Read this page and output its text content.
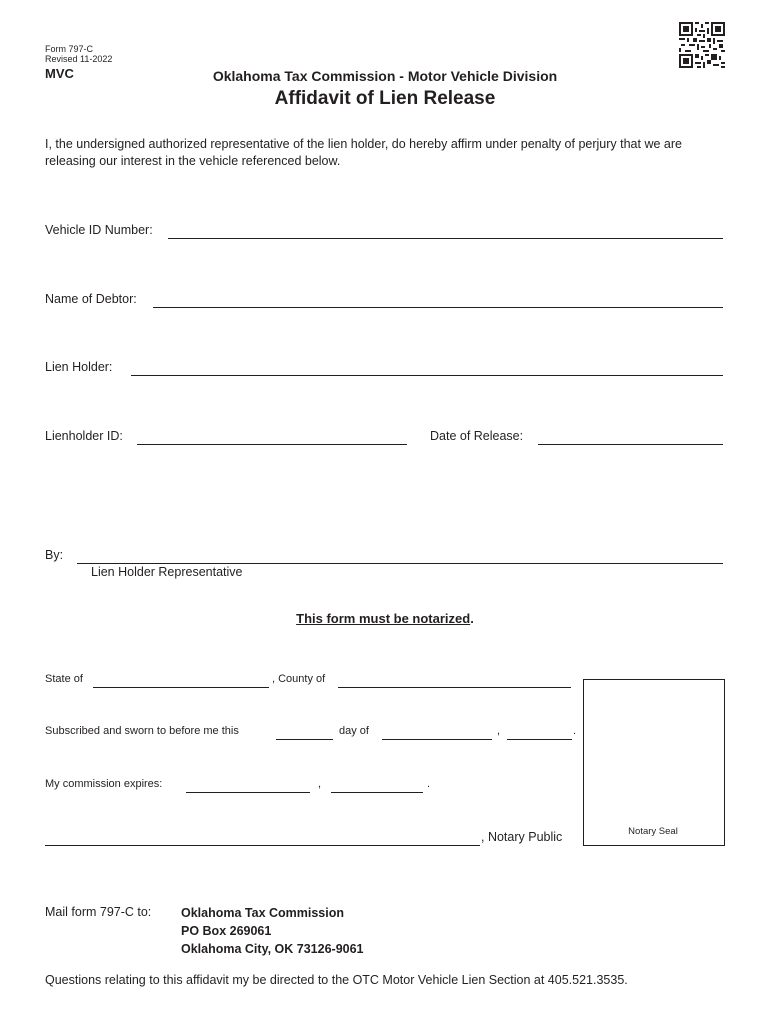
Form 797-C
Revised 11-2022
MVC	Oklahoma Tax Commission - Motor Vehicle Division
Affidavit of Lien Release
I, the undersigned authorized representative of the lien holder, do hereby affirm under penalty of perjury that we are releasing our interest in the vehicle referenced below.
Vehicle ID Number:
Name of Debtor:
Lien Holder:
Lienholder ID:	Date of Release:
By:
Lien Holder Representative
This form must be notarized.
State of	, County of
Subscribed and sworn to before me this	day of	,	.
My commission expires:	,	.
, Notary Public	Notary Seal
Mail form 797-C to: Oklahoma Tax Commission
PO Box 269061
Oklahoma City, OK 73126-9061
Questions relating to this affidavit my be directed to the OTC Motor Vehicle Lien Section at 405.521.3535.
